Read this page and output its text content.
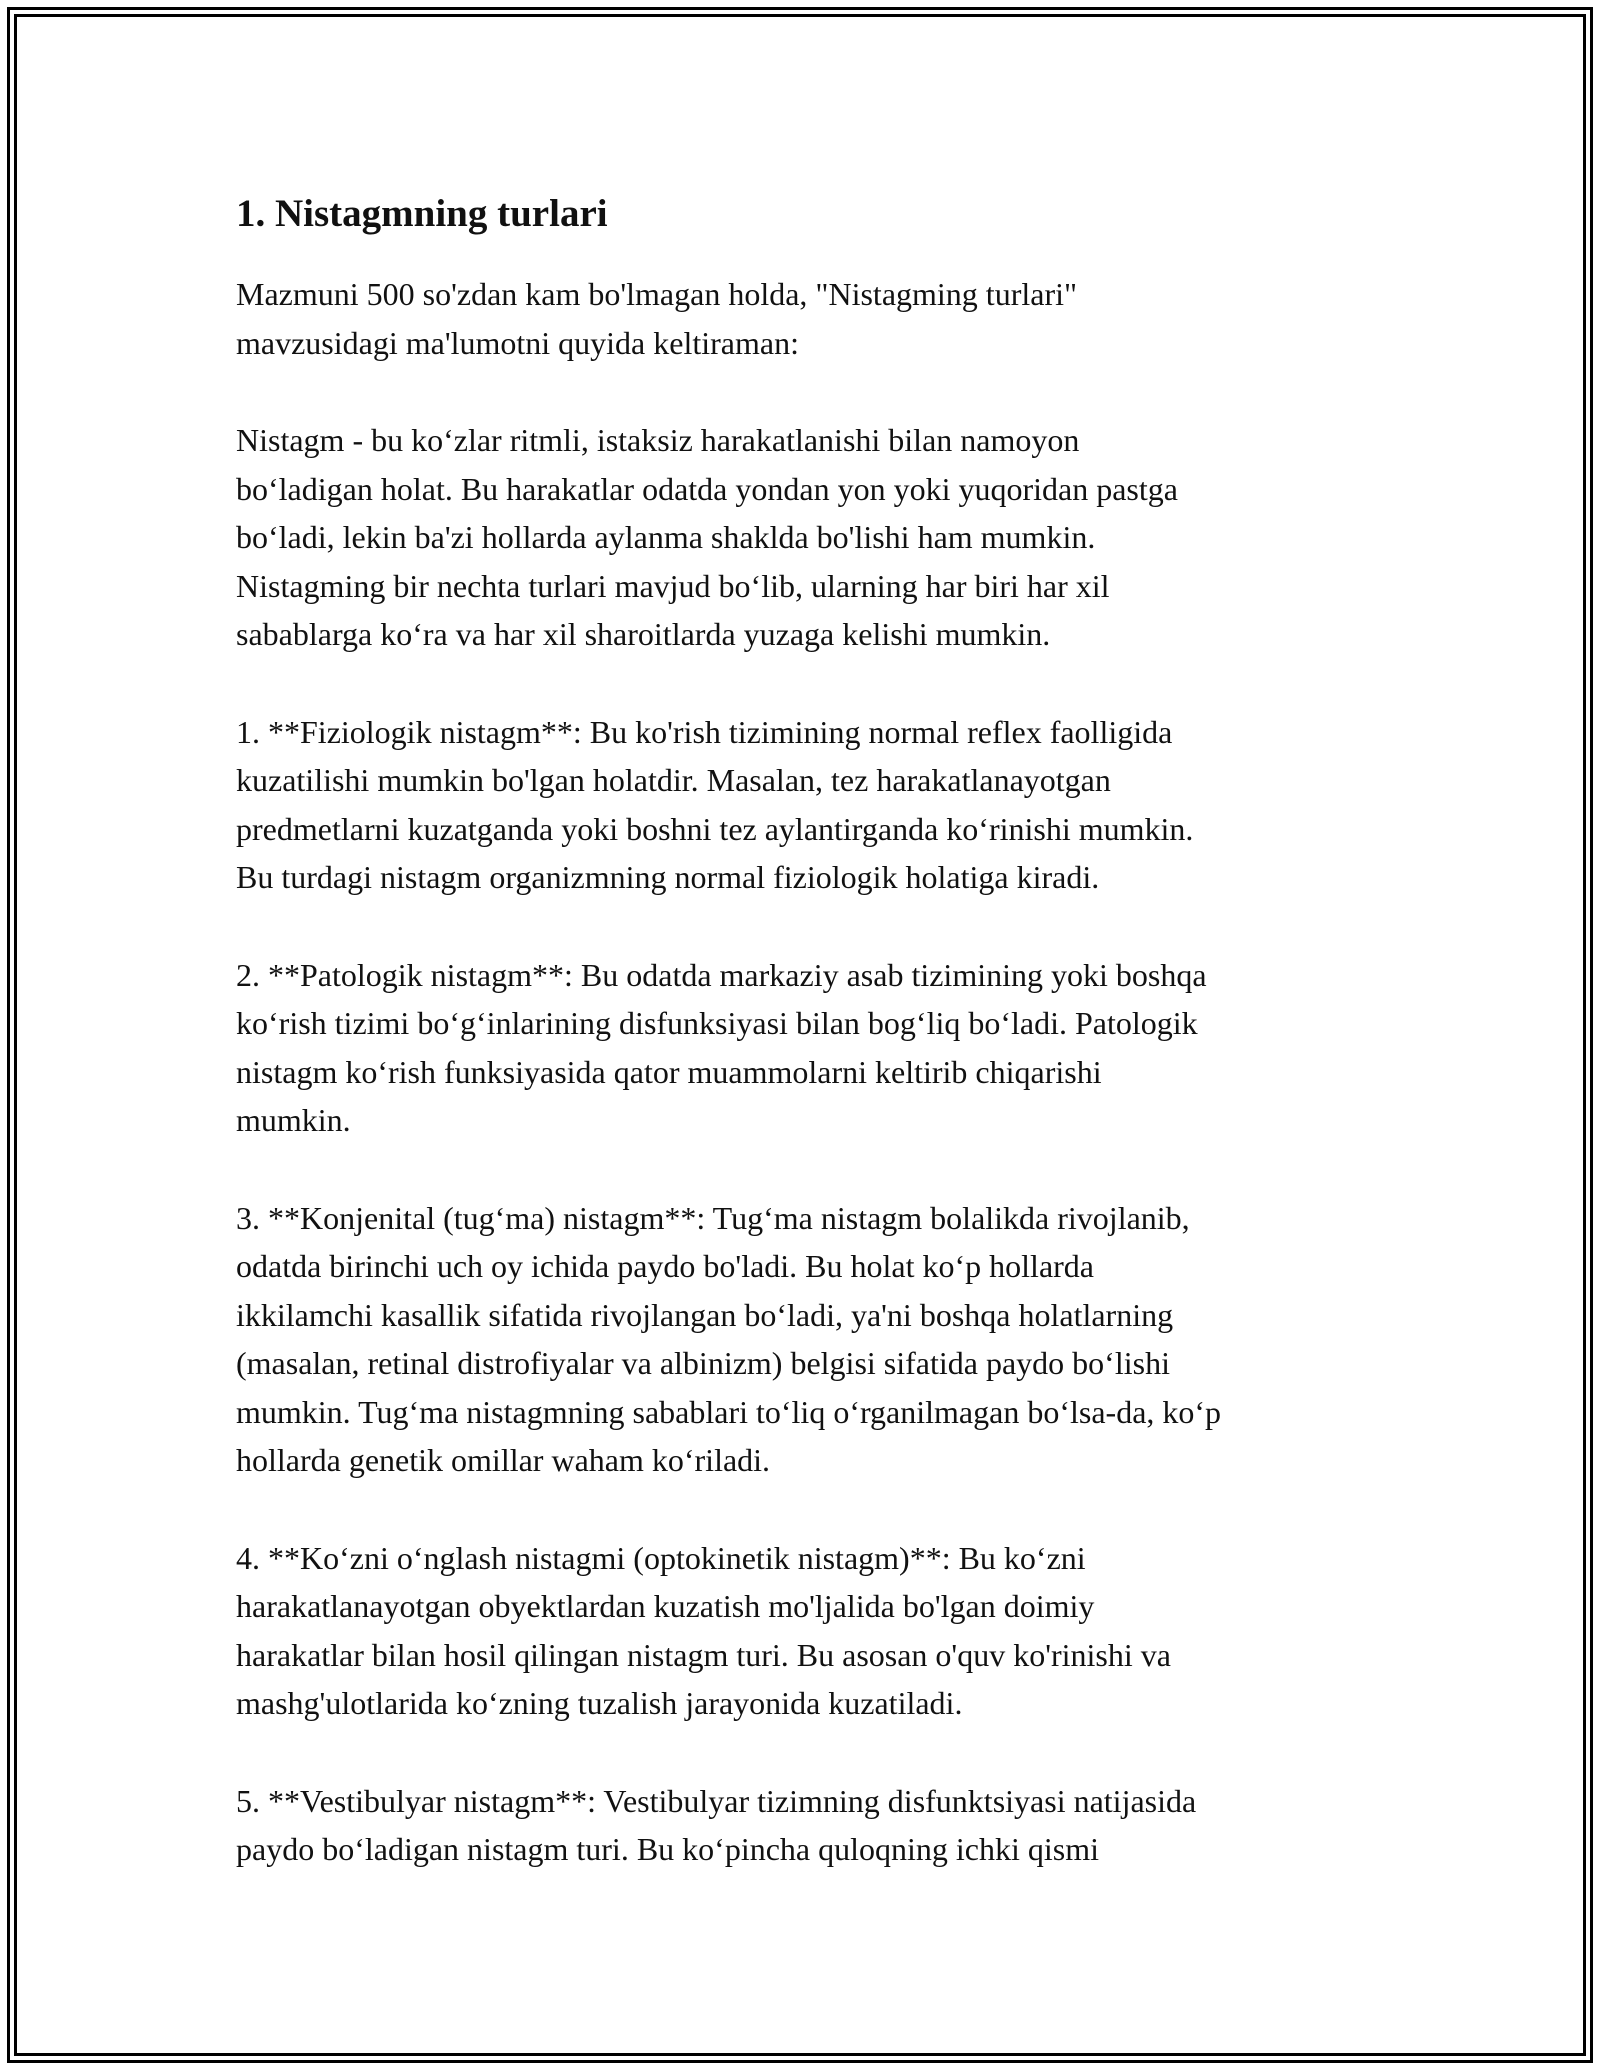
1. Nistagmning turlari

Mazmuni 500 so'zdan kam bo'lmagan holda, "Nistagming turlari"
mavzusidagi ma'lumotni quyida keltiraman:

Nistagm - bu koʻzlar ritmli, istaksiz harakatlanishi bilan namoyon
boʻladigan holat. Bu harakatlar odatda yondan yon yoki yuqoridan pastga
boʻladi, lekin ba'zi hollarda aylanma shaklda bo'lishi ham mumkin.
Nistagming bir nechta turlari mavjud boʻlib, ularning har biri har xil
sabablarga koʻra va har xil sharoitlarda yuzaga kelishi mumkin.

1. **Fiziologik nistagm**: Bu ko'rish tizimining normal reflex faolligida
kuzatilishi mumkin bo'lgan holatdir. Masalan, tez harakatlanayotgan
predmetlarni kuzatganda yoki boshni tez aylantirganda koʻrinishi mumkin.
Bu turdagi nistagm organizmning normal fiziologik holatiga kiradi.

2. **Patologik nistagm**: Bu odatda markaziy asab tizimining yoki boshqa
koʻrish tizimi boʻgʻinlarining disfunksiyasi bilan bogʻliq boʻladi. Patologik
nistagm koʻrish funksiyasida qator muammolarni keltirib chiqarishi
mumkin.

3. **Konjenital (tugʻma) nistagm**: Tugʻma nistagm bolalikda rivojlanib,
odatda birinchi uch oy ichida paydo bo'ladi. Bu holat koʻp hollarda
ikkilamchi kasallik sifatida rivojlangan boʻladi, ya'ni boshqa holatlarning
(masalan, retinal distrofiyalar va albinizm) belgisi sifatida paydo boʻlishi
mumkin. Tugʻma nistagmning sabablari toʻliq oʻrganilmagan boʻlsa-da, koʻp
hollarda genetik omillar waham koʻriladi.

4. **Koʻzni oʻnglash nistagmi (optokinetik nistagm)**: Bu koʻzni
harakatlanayotgan obyektlardan kuzatish mo'ljalida bo'lgan doimiy
harakatlar bilan hosil qilingan nistagm turi. Bu asosan o'quv ko'rinishi va
mashg'ulotlarida koʻzning tuzalish jarayonida kuzatiladi.

5. **Vestibulyar nistagm**: Vestibulyar tizimning disfunktsiyasi natijasida
paydo boʻladigan nistagm turi. Bu koʻpincha quloqning ichki qismi
